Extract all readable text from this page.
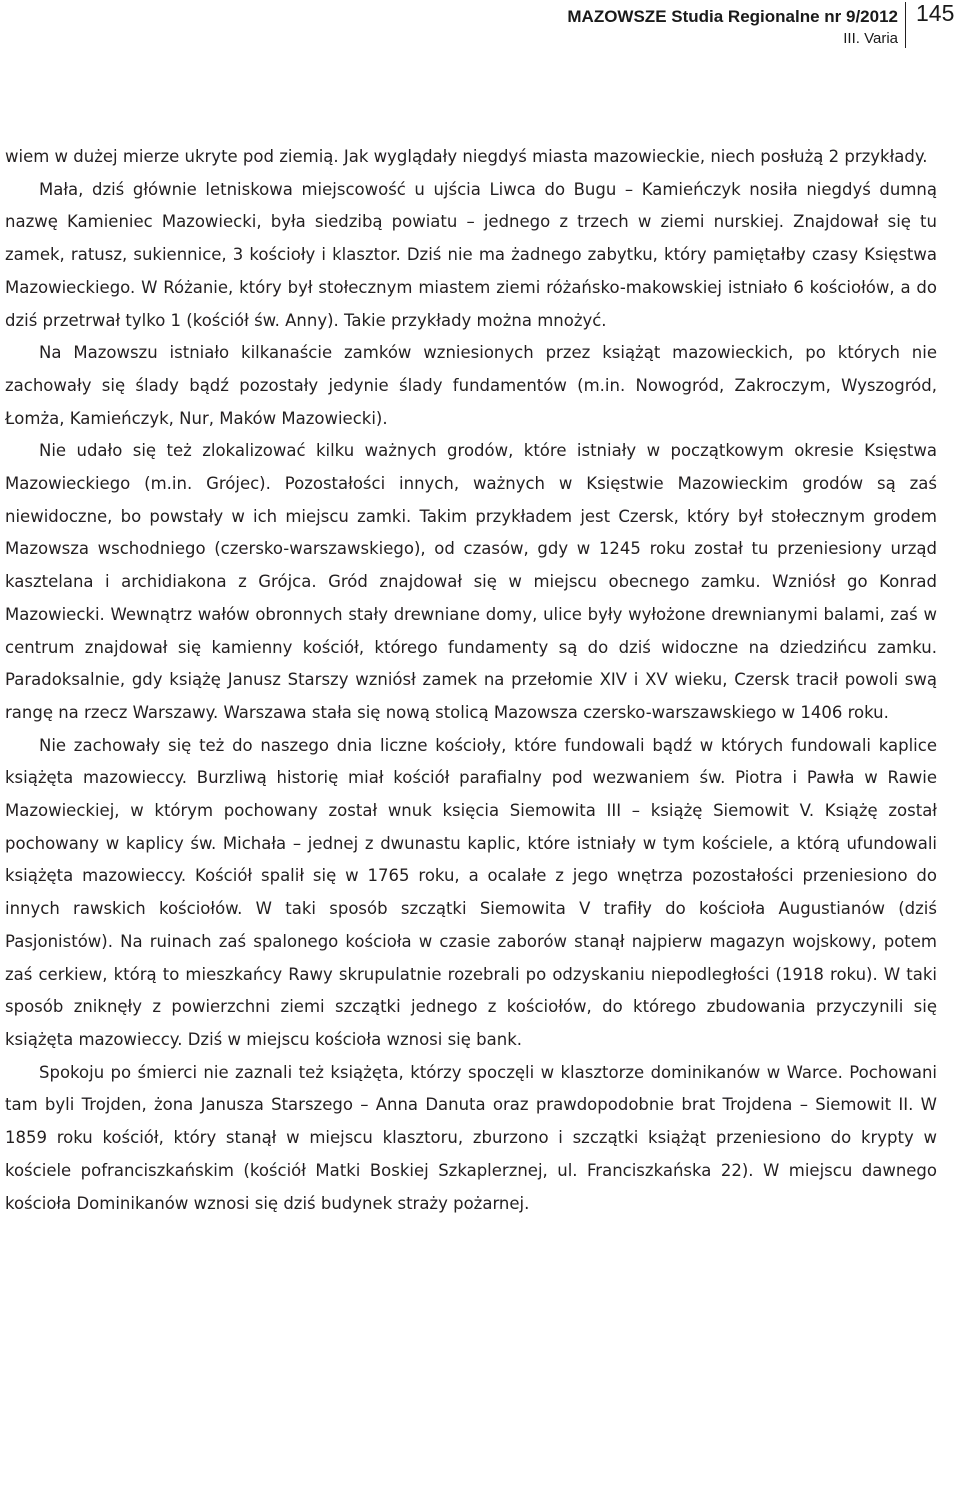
MAZOWSZE Studia Regionalne nr 9/2012
III. Varia
145

wiem w dużej mierze ukryte pod ziemią. Jak wyglądały niegdyś miasta mazowieckie, niech posłużą 2 przykłady.

Mała, dziś głównie letniskowa miejscowość u ujścia Liwca do Bugu – Kamieńczyk nosiła niegdyś dumną nazwę Kamieniec Mazowiecki, była siedzibą powiatu – jednego z trzech w ziemi nurskiej. Znajdował się tu zamek, ratusz, sukiennice, 3 kościoły i klasztor. Dziś nie ma żadnego zabytku, który pamiętałby czasy Księstwa Mazowieckiego. W Różanie, który był stołecznym miastem ziemi różańsko-makowskiej istniało 6 kościołów, a do dziś przetrwał tylko 1 (kościół św. Anny). Takie przykłady można mnożyć.

Na Mazowszu istniało kilkanaście zamków wzniesionych przez książąt mazowieckich, po których nie zachowały się ślady bądź pozostały jedynie ślady fundamentów (m.in. Nowogród, Zakroczym, Wyszogród, Łomża, Kamieńczyk, Nur, Maków Mazowiecki).

Nie udało się też zlokalizować kilku ważnych grodów, które istniały w początkowym okresie Księstwa Mazowieckiego (m.in. Grójec). Pozostałości innych, ważnych w Księstwie Mazowieckim grodów są zaś niewidoczne, bo powstały w ich miejscu zamki. Takim przykładem jest Czersk, który był stołecznym grodem Mazowsza wschodniego (czersko-warszawskiego), od czasów, gdy w 1245 roku został tu przeniesiony urząd kasztelana i archidiakona z Grójca. Gród znajdował się w miejscu obecnego zamku. Wzniósł go Konrad Mazowiecki. Wewnątrz wałów obronnych stały drewniane domy, ulice były wyłożone drewnianymi balami, zaś w centrum znajdował się kamienny kościół, którego fundamenty są do dziś widoczne na dziedzińcu zamku. Paradoksalnie, gdy książę Janusz Starszy wzniósł zamek na przełomie XIV i XV wieku, Czersk tracił powoli swą rangę na rzecz Warszawy. Warszawa stała się nową stolicą Mazowsza czersko-warszawskiego w 1406 roku.

Nie zachowały się też do naszego dnia liczne kościoły, które fundowali bądź w których fundowali kaplice książęta mazowieccy. Burzliwą historię miał kościół parafialny pod wezwaniem św. Piotra i Pawła w Rawie Mazowieckiej, w którym pochowany został wnuk księcia Siemowita III – książę Siemowit V. Książę został pochowany w kaplicy św. Michała – jednej z dwunastu kaplic, które istniały w tym kościele, a którą ufundowali książęta mazowieccy. Kościół spalił się w 1765 roku, a ocalałe z jego wnętrza pozostałości przeniesiono do innych rawskich kościołów. W taki sposób szczątki Siemowita V trafiły do kościoła Augustianów (dziś Pasjonistów). Na ruinach zaś spalonego kościoła w czasie zaborów stanął najpierw magazyn wojskowy, potem zaś cerkiew, którą to mieszkańcy Rawy skrupulatnie rozebrali po odzyskaniu niepodległości (1918 roku). W taki sposób zniknęły z powierzchni ziemi szczątki jednego z kościołów, do którego zbudowania przyczynili się książęta mazowieccy. Dziś w miejscu kościoła wznosi się bank.

Spokoju po śmierci nie zaznali też książęta, którzy spoczęli w klasztorze dominikanów w Warce. Pochowani tam byli Trojden, żona Janusza Starszego – Anna Danuta oraz prawdopodobnie brat Trojdena – Siemowit II. W 1859 roku kościół, który stanął w miejscu klasztoru, zburzono i szczątki książąt przeniesiono do krypty w kościele pofranciszkańskim (kościół Matki Boskiej Szkaplerznej, ul. Franciszkańska 22). W miejscu dawnego kościoła Dominikanów wznosi się dziś budynek straży pożarnej.
